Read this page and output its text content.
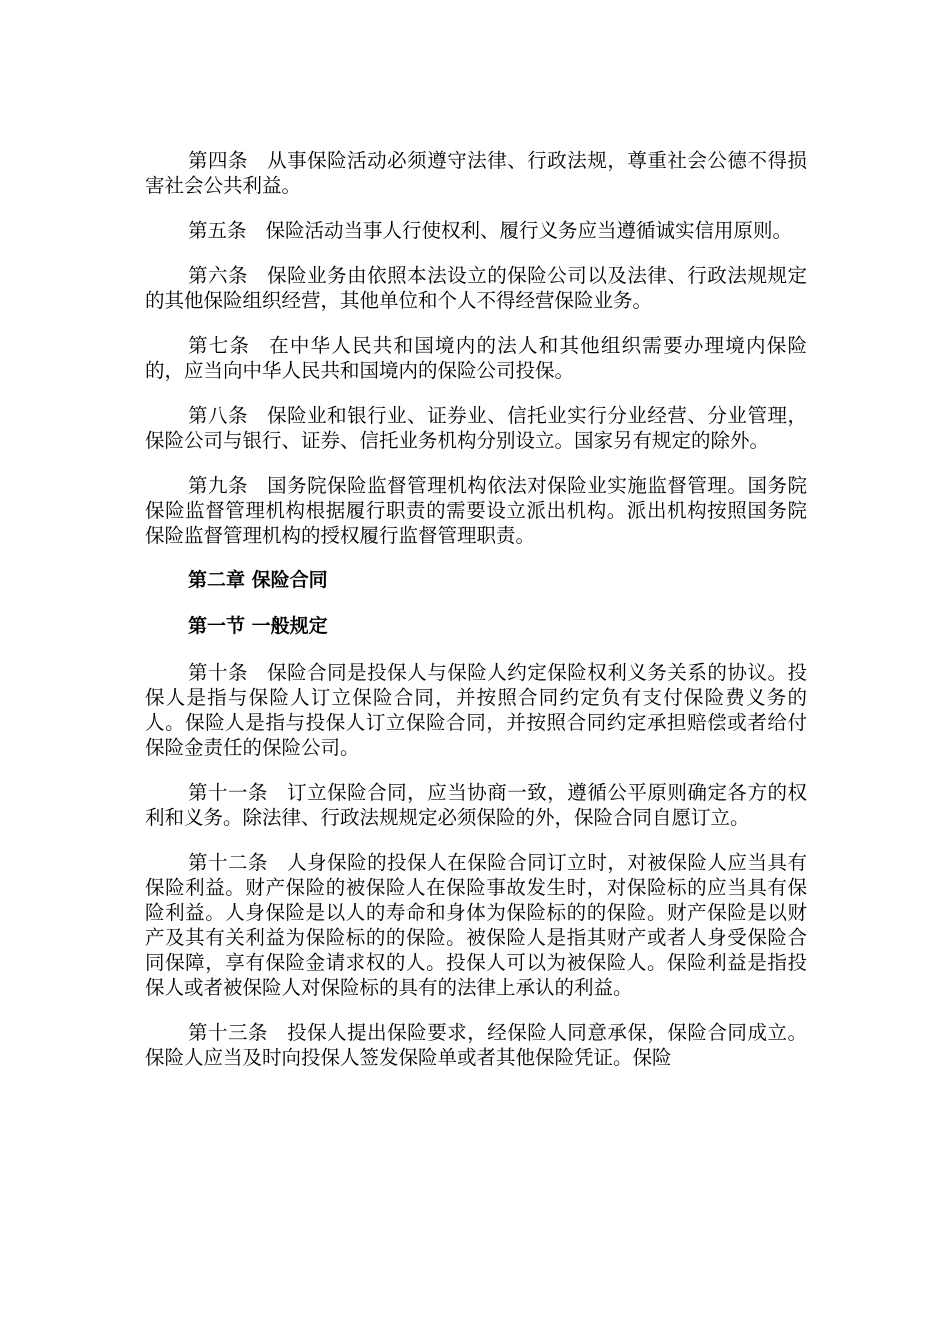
第四条 从事保险活动必须遵守法律、行政法规，尊重社会公德不得损害社会公共利益。

第五条 保险活动当事人行使权利、履行义务应当遵循诚实信用原则。

第六条 保险业务由依照本法设立的保险公司以及法律、行政法规规定的其他保险组织经营，其他单位和个人不得经营保险业务。

第七条 在中华人民共和国境内的法人和其他组织需要办理境内保险的，应当向中华人民共和国境内的保险公司投保。

第八条 保险业和银行业、证券业、信托业实行分业经营、分业管理，保险公司与银行、证券、信托业务机构分别设立。国家另有规定的除外。

第九条 国务院保险监督管理机构依法对保险业实施监督管理。国务院保险监督管理机构根据履行职责的需要设立派出机构。派出机构按照国务院保险监督管理机构的授权履行监督管理职责。

第二章 保险合同

第一节 一般规定

第十条 保险合同是投保人与保险人约定保险权利义务关系的协议。投保人是指与保险人订立保险合同，并按照合同约定负有支付保险费义务的人。保险人是指与投保人订立保险合同，并按照合同约定承担赔偿或者给付保险金责任的保险公司。

第十一条 订立保险合同，应当协商一致，遵循公平原则确定各方的权利和义务。除法律、行政法规规定必须保险的外，保险合同自愿订立。

第十二条 人身保险的投保人在保险合同订立时，对被保险人应当具有保险利益。财产保险的被保险人在保险事故发生时，对保险标的应当具有保险利益。人身保险是以人的寿命和身体为保险标的的保险。财产保险是以财产及其有关利益为保险标的的保险。被保险人是指其财产或者人身受保险合同保障，享有保险金请求权的人。投保人可以为被保险人。保险利益是指投保人或者被保险人对保险标的具有的法律上承认的利益。

第十三条 投保人提出保险要求，经保险人同意承保，保险合同成立。保险人应当及时向投保人签发保险单或者其他保险凭证。保险
